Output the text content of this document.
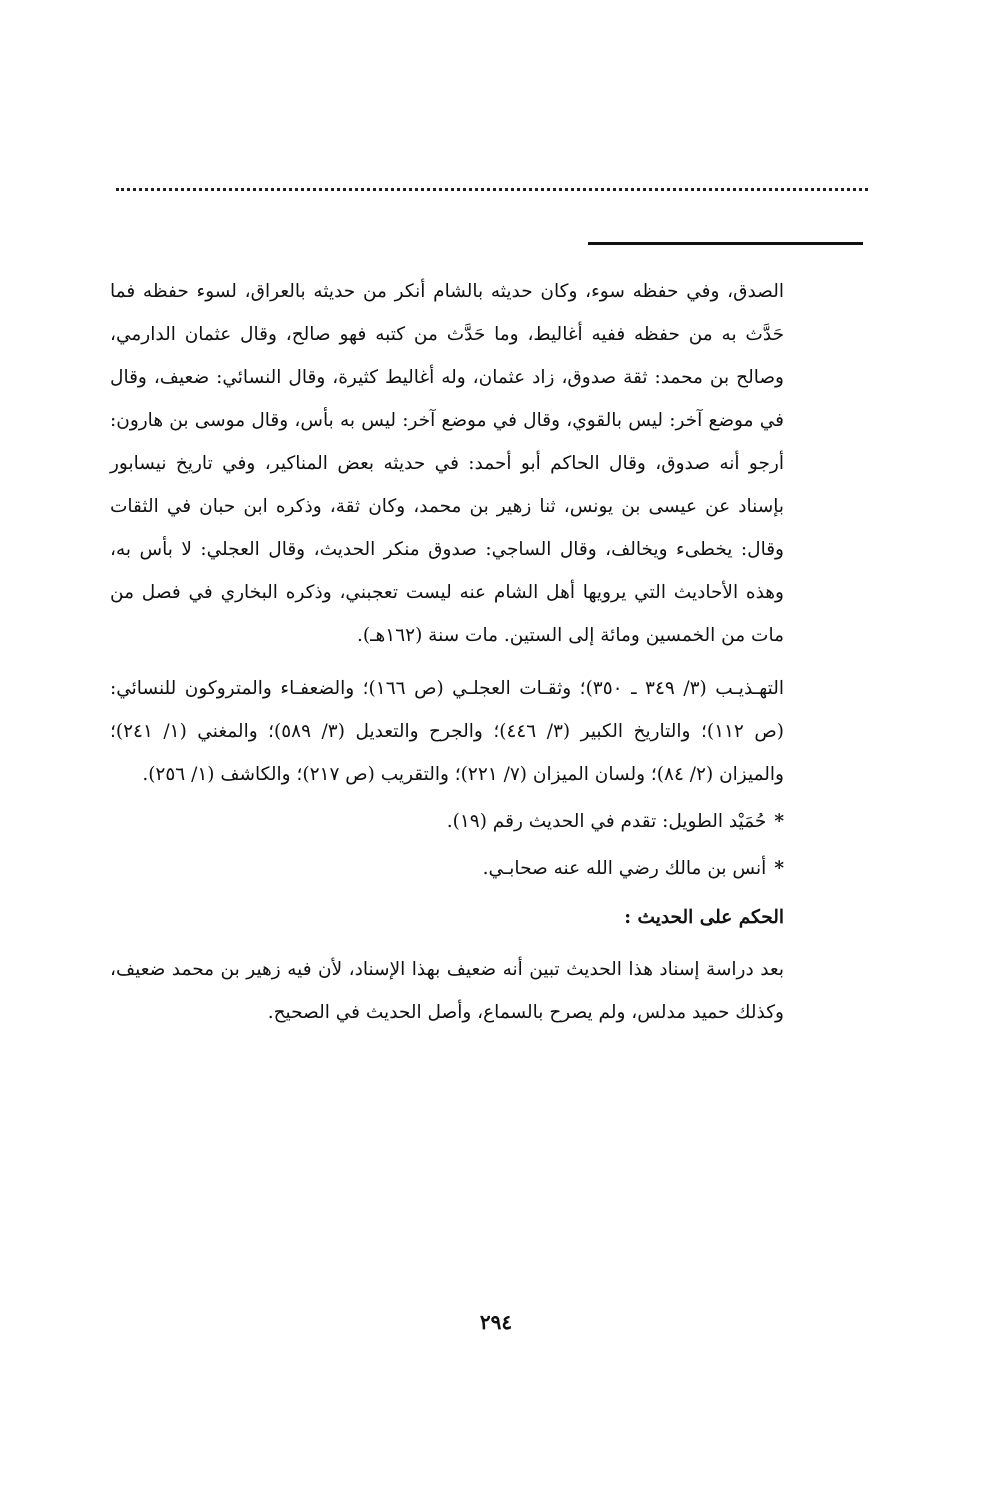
الصدق، وفي حفظه سوء، وكان حديثه بالشام أنكر من حديثه بالعراق، لسوء حفظه فما حَدَّث به من حفظه ففيه أغاليط، وما حَدَّث من كتبه فهو صالح، وقال عثمان الدارمي، وصالح بن محمد: ثقة صدوق، زاد عثمان، وله أغاليط كثيرة، وقال النسائي: ضعيف، وقال في موضع آخر: ليس بالقوي، وقال في موضع آخر: ليس به بأس، وقال موسى بن هارون: أرجو أنه صدوق، وقال الحاكم أبو أحمد: في حديثه بعض المناكير، وفي تاريخ نيسابور بإسناد عن عيسى بن يونس، ثنا زهير بن محمد، وكان ثقة، وذكره ابن حبان في الثقات وقال: يخطىء ويخالف، وقال الساجي: صدوق منكر الحديث، وقال العجلي: لا بأس به، وهذه الأحاديث التي يرويها أهل الشام عنه ليست تعجبني، وذكره البخاري في فصل من مات من الخمسين ومائة إلى الستين. مات سنة (١٦٢هـ).

التهـذيـب (٣/ ٣٤٩ ـ ٣٥٠)؛ وثقـات العجلـي (ص ١٦٦)؛ والضعفـاء والمتروكون للنسائي: (ص ١١٢)؛ والتاريخ الكبير (٣/ ٤٤٦)؛ والجرح والتعديل (٣/ ٥٨٩)؛ والمغني (١/ ٢٤١)؛ والميزان (٢/ ٨٤)؛ ولسان الميزان (٧/ ٢٢١)؛ والتقريب (ص ٢١٧)؛ والكاشف (١/ ٢٥٦).

*حُمَيْد الطويل: تقدم في الحديث رقم (١٩).

*أنس بن مالك رضي الله عنه صحابـي.

الحكم على الحديث :

بعد دراسة إسناد هذا الحديث تبين أنه ضعيف بهذا الإسناد، لأن فيه زهير بن محمد ضعيف، وكذلك حميد مدلس، ولم يصرح بالسماع، وأصل الحديث في الصحيح.

٢٩٤
